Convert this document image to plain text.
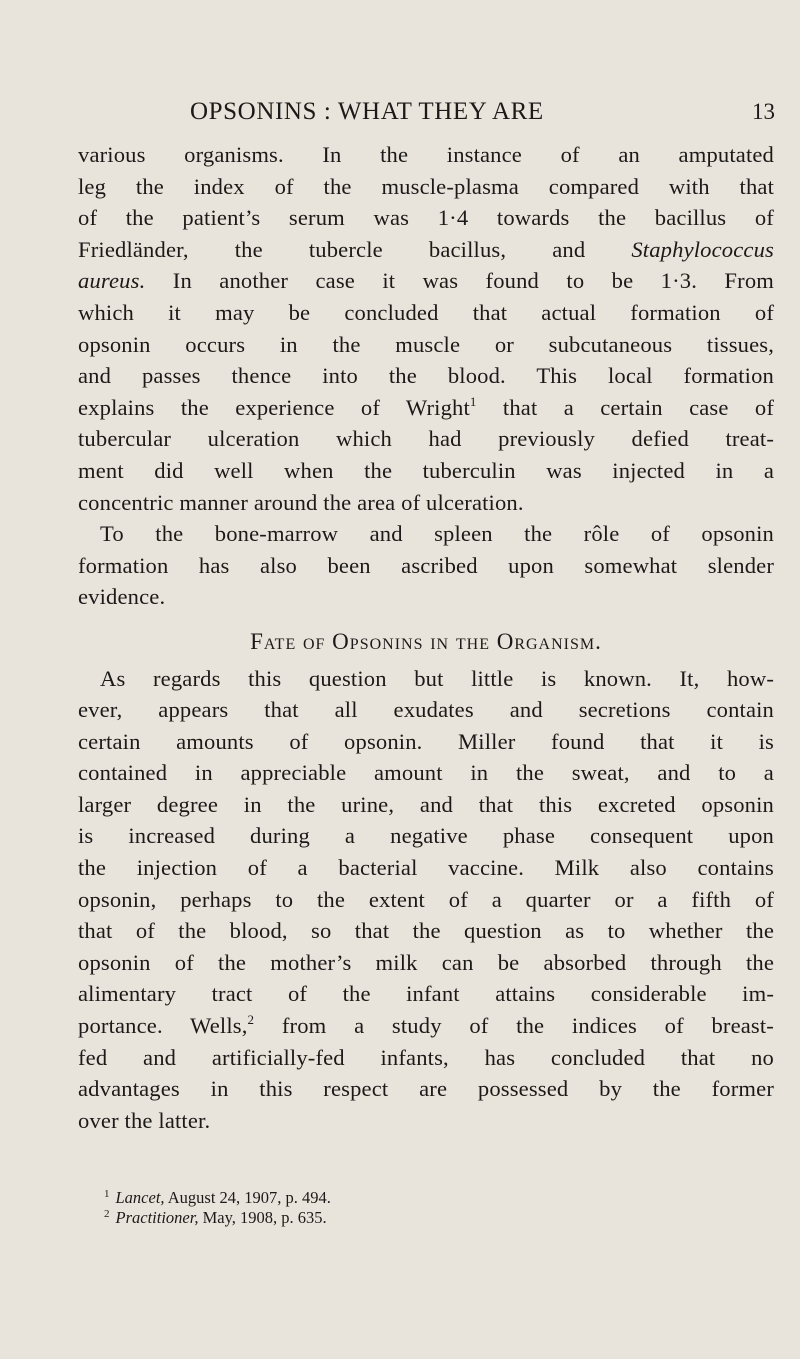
OPSONINS : WHAT THEY ARE	13
various organisms. In the instance of an amputated
leg the index of the muscle-plasma compared with that
of the patient’s serum was 1·4 towards the bacillus of
Friedländer, the tubercle bacillus, and Staphylococcus
aureus. In another case it was found to be 1·3. From
which it may be concluded that actual formation of
opsonin occurs in the muscle or subcutaneous tissues,
and passes thence into the blood. This local formation
explains the experience of Wright$^1$ that a certain case of
tubercular ulceration which had previously defied treat-
ment did well when the tuberculin was injected in a
concentric manner around the area of ulceration.
To the bone-marrow and spleen the rôle of opsonin
formation has also been ascribed upon somewhat slender
evidence.
Fate of Opsonins in the Organism.
As regards this question but little is known. It, how-
ever, appears that all exudates and secretions contain
certain amounts of opsonin. Miller found that it is
contained in appreciable amount in the sweat, and to a
larger degree in the urine, and that this excreted opsonin
is increased during a negative phase consequent upon
the injection of a bacterial vaccine. Milk also contains
opsonin, perhaps to the extent of a quarter or a fifth of
that of the blood, so that the question as to whether the
opsonin of the mother’s milk can be absorbed through the
alimentary tract of the infant attains considerable im-
portance. Wells,$^2$ from a study of the indices of breast-
fed and artificially-fed infants, has concluded that no
advantages in this respect are possessed by the former
over the latter.
$^1$ Lancet, August 24, 1907, p. 494.
$^2$ Practitioner, May, 1908, p. 635.
